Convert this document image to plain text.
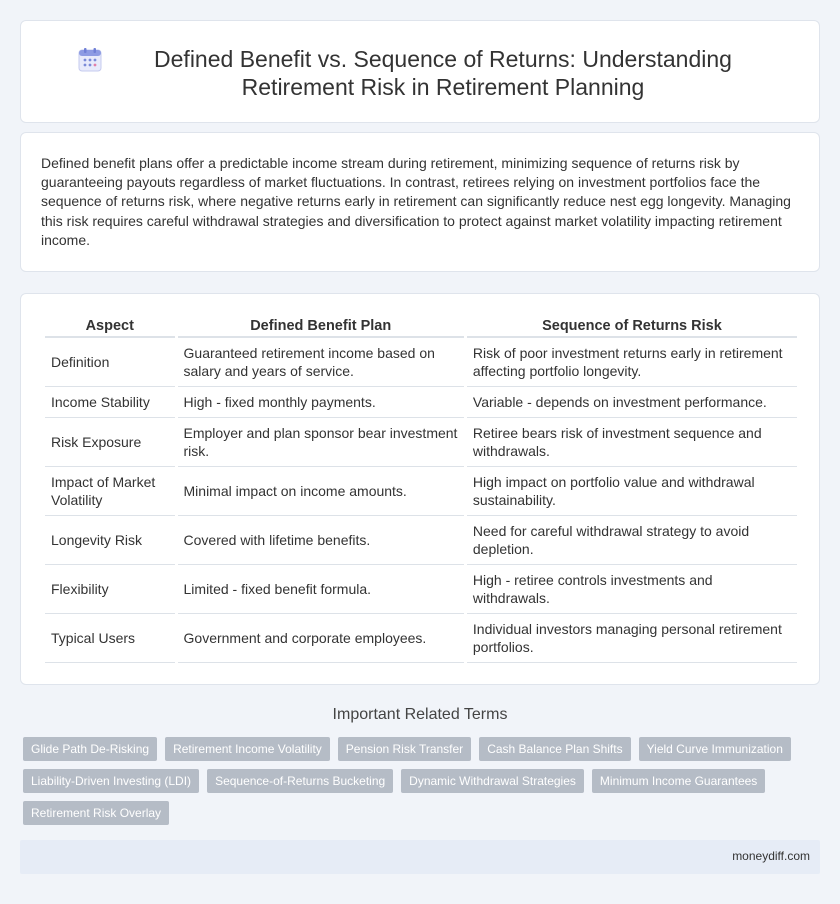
Defined Benefit vs. Sequence of Returns: Understanding Retirement Risk in Retirement Planning

Defined benefit plans offer a predictable income stream during retirement, minimizing sequence of returns risk by guaranteeing payouts regardless of market fluctuations. In contrast, retirees relying on investment portfolios face the sequence of returns risk, where negative returns early in retirement can significantly reduce nest egg longevity. Managing this risk requires careful withdrawal strategies and diversification to protect against market volatility impacting retirement income.

Aspect	Defined Benefit Plan	Sequence of Returns Risk
Definition	Guaranteed retirement income based on salary and years of service.	Risk of poor investment returns early in retirement affecting portfolio longevity.
Income Stability	High - fixed monthly payments.	Variable - depends on investment performance.
Risk Exposure	Employer and plan sponsor bear investment risk.	Retiree bears risk of investment sequence and withdrawals.
Impact of Market Volatility	Minimal impact on income amounts.	High impact on portfolio value and withdrawal sustainability.
Longevity Risk	Covered with lifetime benefits.	Need for careful withdrawal strategy to avoid depletion.
Flexibility	Limited - fixed benefit formula.	High - retiree controls investments and withdrawals.
Typical Users	Government and corporate employees.	Individual investors managing personal retirement portfolios.
Important Related Terms
Glide Path De-Risking	Retirement Income Volatility	Pension Risk Transfer	Cash Balance Plan Shifts	Yield Curve Immunization
Liability-Driven Investing (LDI)	Sequence-of-Returns Bucketing	Dynamic Withdrawal Strategies	Minimum Income Guarantees
Retirement Risk Overlay
moneydiff.com
